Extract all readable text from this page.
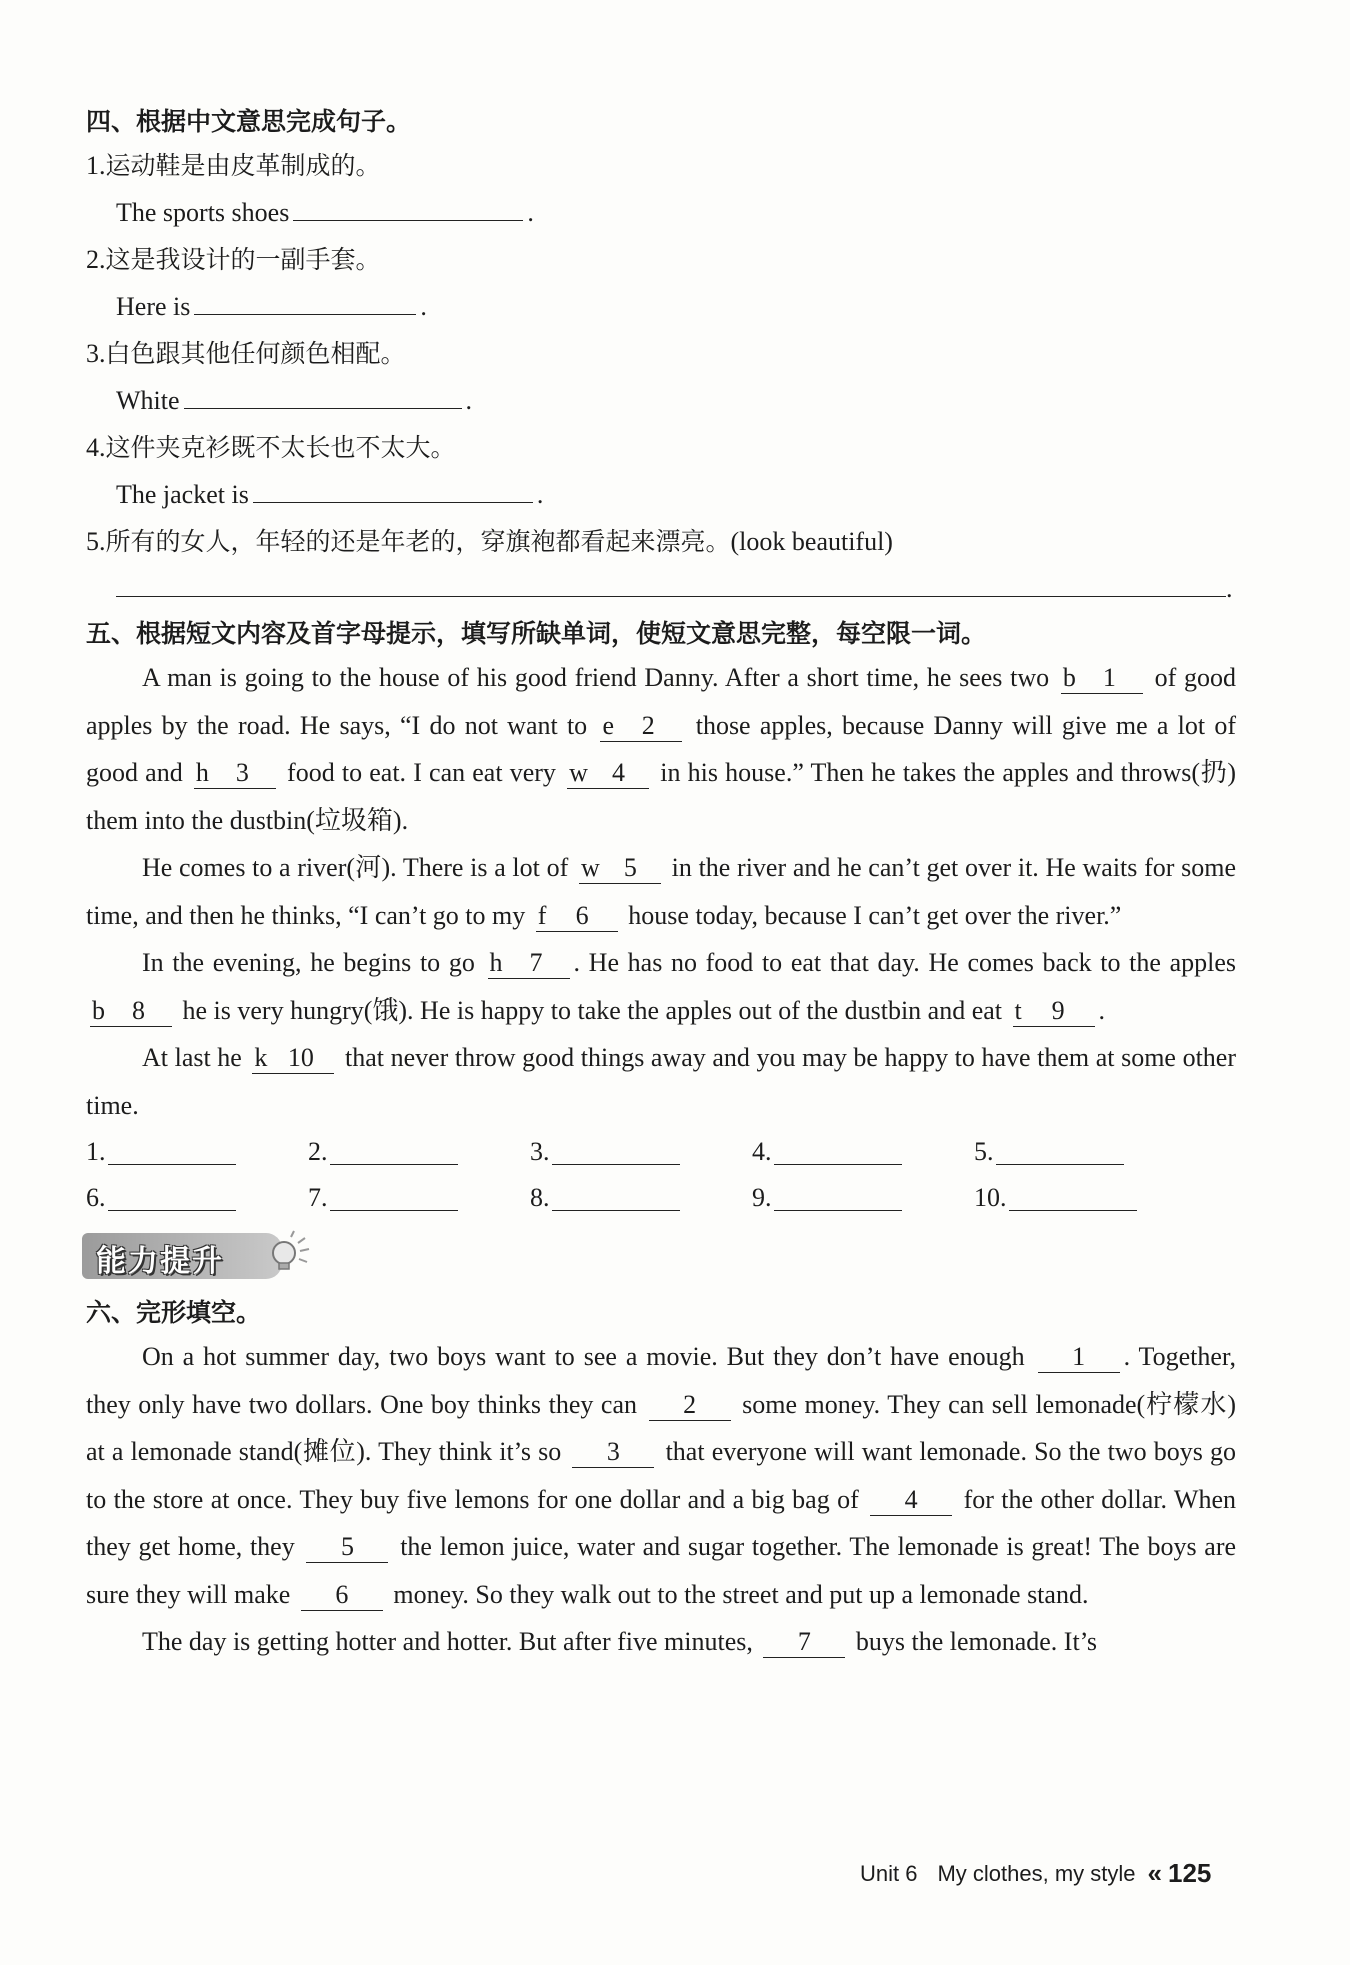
四、根据中文意思完成句子。

1.运动鞋是由皮革制成的。

The sports shoes	.

2.这是我设计的一副手套。

Here is	.

3.白色跟其他任何颜色相配。

White	.

4.这件夹克衫既不太长也不太大。

The jacket is	.

5.所有的女人，年轻的还是年老的，穿旗袍都看起来漂亮。(look beautiful)

.

五、根据短文内容及首字母提示，填写所缺单词，使短文意思完整，每空限一词。

A man is going to the house of his good friend Danny. After a short time, he sees two b 1 of good apples by the road. He says, “I do not want to e 2 those apples, because Danny will give me a lot of good and h 3 food to eat. I can eat very w 4 in his house.” Then he takes the apples and throws(扔) them into the dustbin(垃圾箱).

He comes to a river(河). There is a lot of w 5 in the river and he can’t get over it. He waits for some time, and then he thinks, “I can’t go to my f 6 house today, because I can’t get over the river.”

In the evening, he begins to go h 7 . He has no food to eat that day. He comes back to the apples
b 8 he is very hungry(饿). He is happy to take the apples out of the dustbin and eat t 9 .

At last he k 10 that never throw good things away and you may be happy to have them at some other time.

1.	2.	3.	4.	5.
6.	7.	8.	9.	10.
能力提升

六、完形填空。

On a hot summer day, two boys want to see a movie. But they don’t have enough 1 . Together, they only have two dollars. One boy thinks they can 2 some money. They can sell lemonade(柠檬水) at a lemonade stand(摊位). They think it’s so 3 that everyone will want lemonade. So the two boys go to the store at once. They buy five lemons for one dollar and a big bag of 4 for the other dollar. When they get home, they 5 the lemon juice, water and sugar together. The lemonade is great! The boys are sure they will make 6 money. So they walk out to the street and put up a lemonade stand.

The day is getting hotter and hotter. But after five minutes, 7 buys the lemonade. It’s

Unit 6 My clothes, my style « 125
